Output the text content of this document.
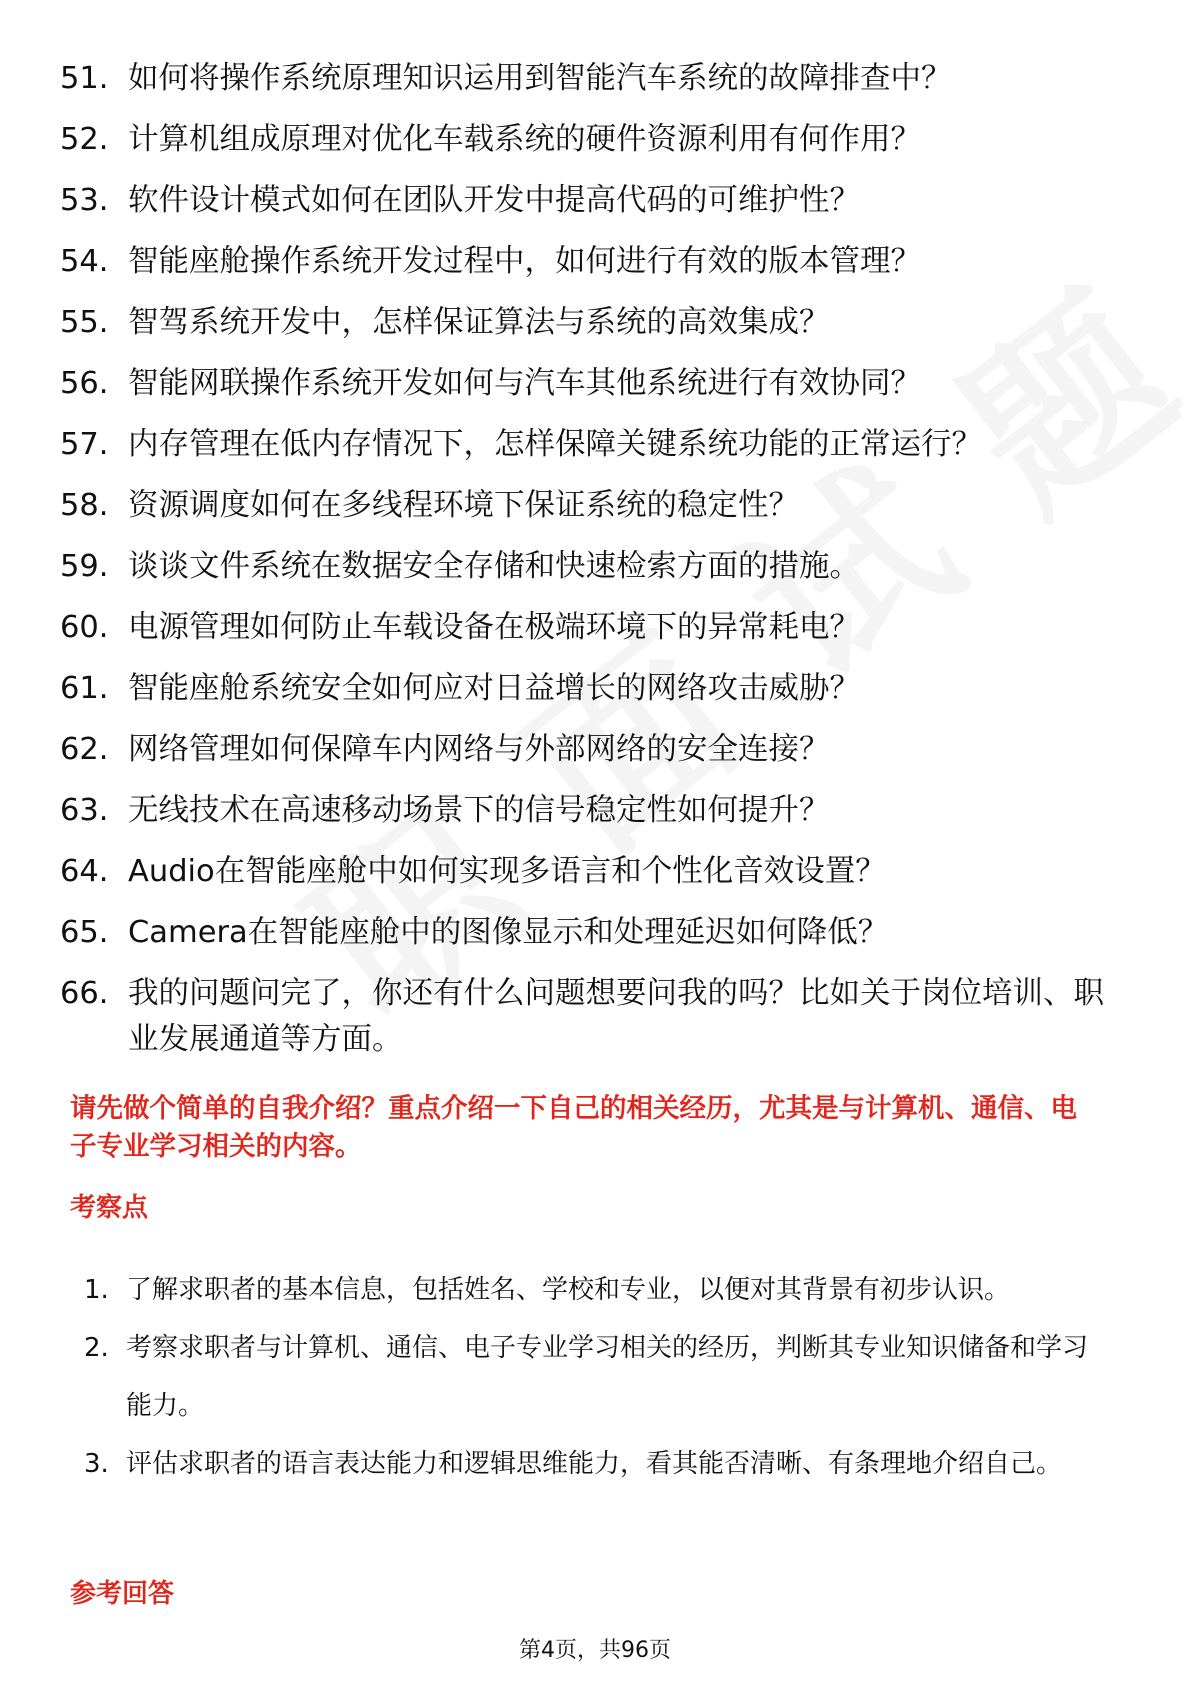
51. 如何将操作系统原理知识运用到智能汽车系统的故障排查中？
52. 计算机组成原理对优化车载系统的硬件资源利用有何作用？
53. 软件设计模式如何在团队开发中提高代码的可维护性？
54. 智能座舱操作系统开发过程中，如何进行有效的版本管理？
55. 智驾系统开发中，怎样保证算法与系统的高效集成？
56. 智能网联操作系统开发如何与汽车其他系统进行有效协同？
57. 内存管理在低内存情况下，怎样保障关键系统功能的正常运行？
58. 资源调度如何在多线程环境下保证系统的稳定性？
59. 谈谈文件系统在数据安全存储和快速检索方面的措施。
60. 电源管理如何防止车载设备在极端环境下的异常耗电？
61. 智能座舱系统安全如何应对日益增长的网络攻击威胁？
62. 网络管理如何保障车内网络与外部网络的安全连接？
63. 无线技术在高速移动场景下的信号稳定性如何提升？
64. Audio在智能座舱中如何实现多语言和个性化音效设置？
65. Camera在智能座舱中的图像显示和处理延迟如何降低？
66. 我的问题问完了，你还有什么问题想要问我的吗？比如关于岗位培训、职业发展通道等方面。
请先做个简单的自我介绍？重点介绍一下自己的相关经历，尤其是与计算机、通信、电子专业学习相关的内容。
考察点
1. 了解求职者的基本信息，包括姓名、学校和专业，以便对其背景有初步认识。
2. 考察求职者与计算机、通信、电子专业学习相关的经历，判断其专业知识储备和学习能力。
3. 评估求职者的语言表达能力和逻辑思维能力，看其能否清晰、有条理地介绍自己。
参考回答
第4页，共96页
